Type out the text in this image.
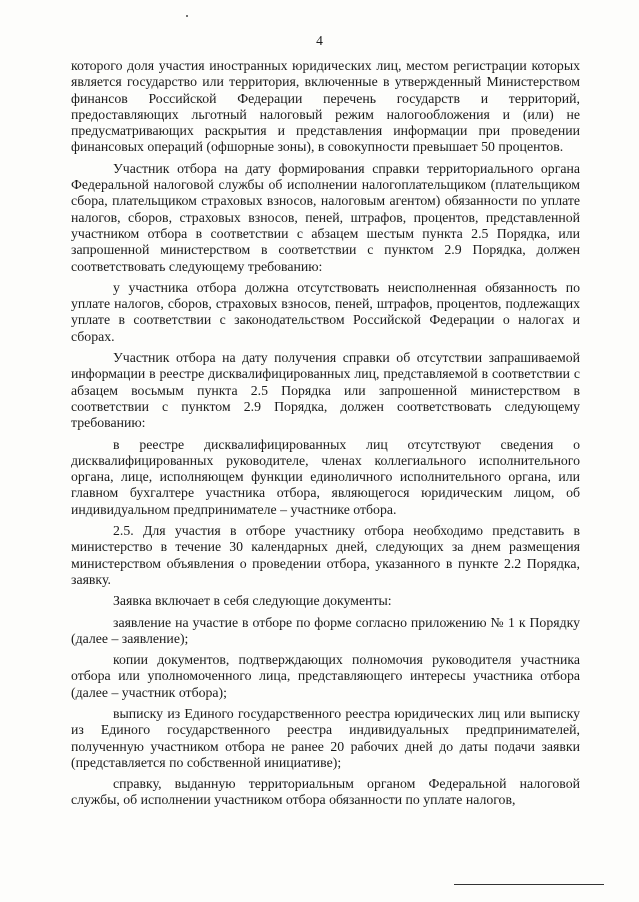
4

которого доля участия иностранных юридических лиц, местом регистрации которых является государство или территория, включенные в утвержденный Министерством финансов Российской Федерации перечень государств и территорий, предоставляющих льготный налоговый режим налогообложения и (или) не предусматривающих раскрытия и представления информации при проведении финансовых операций (офшорные зоны), в совокупности превышает 50 процентов.

Участник отбора на дату формирования справки территориального органа Федеральной налоговой службы об исполнении налогоплательщиком (плательщиком сбора, плательщиком страховых взносов, налоговым агентом) обязанности по уплате налогов, сборов, страховых взносов, пеней, штрафов, процентов, представленной участником отбора в соответствии с абзацем шестым пункта 2.5 Порядка, или запрошенной министерством в соответствии с пунктом 2.9 Порядка, должен соответствовать следующему требованию:

у участника отбора должна отсутствовать неисполненная обязанность по уплате налогов, сборов, страховых взносов, пеней, штрафов, процентов, подлежащих уплате в соответствии с законодательством Российской Федерации о налогах и сборах.

Участник отбора на дату получения справки об отсутствии запрашиваемой информации в реестре дисквалифицированных лиц, представляемой в соответствии с абзацем восьмым пункта 2.5 Порядка или запрошенной министерством в соответствии с пунктом 2.9 Порядка, должен соответствовать следующему требованию:

в реестре дисквалифицированных лиц отсутствуют сведения о дисквалифицированных руководителе, членах коллегиального исполнительного органа, лице, исполняющем функции единоличного исполнительного органа, или главном бухгалтере участника отбора, являющегося юридическим лицом, об индивидуальном предпринимателе – участнике отбора.

2.5. Для участия в отборе участнику отбора необходимо представить в министерство в течение 30 календарных дней, следующих за днем размещения министерством объявления о проведении отбора, указанного в пункте 2.2 Порядка, заявку.

Заявка включает в себя следующие документы:

заявление на участие в отборе по форме согласно приложению № 1 к Порядку (далее – заявление);

копии документов, подтверждающих полномочия руководителя участника отбора или уполномоченного лица, представляющего интересы участника отбора (далее – участник отбора);

выписку из Единого государственного реестра юридических лиц или выписку из Единого государственного реестра индивидуальных предпринимателей, полученную участником отбора не ранее 20 рабочих дней до даты подачи заявки (представляется по собственной инициативе);

справку, выданную территориальным органом Федеральной налоговой службы, об исполнении участником отбора обязанности по уплате налогов,
